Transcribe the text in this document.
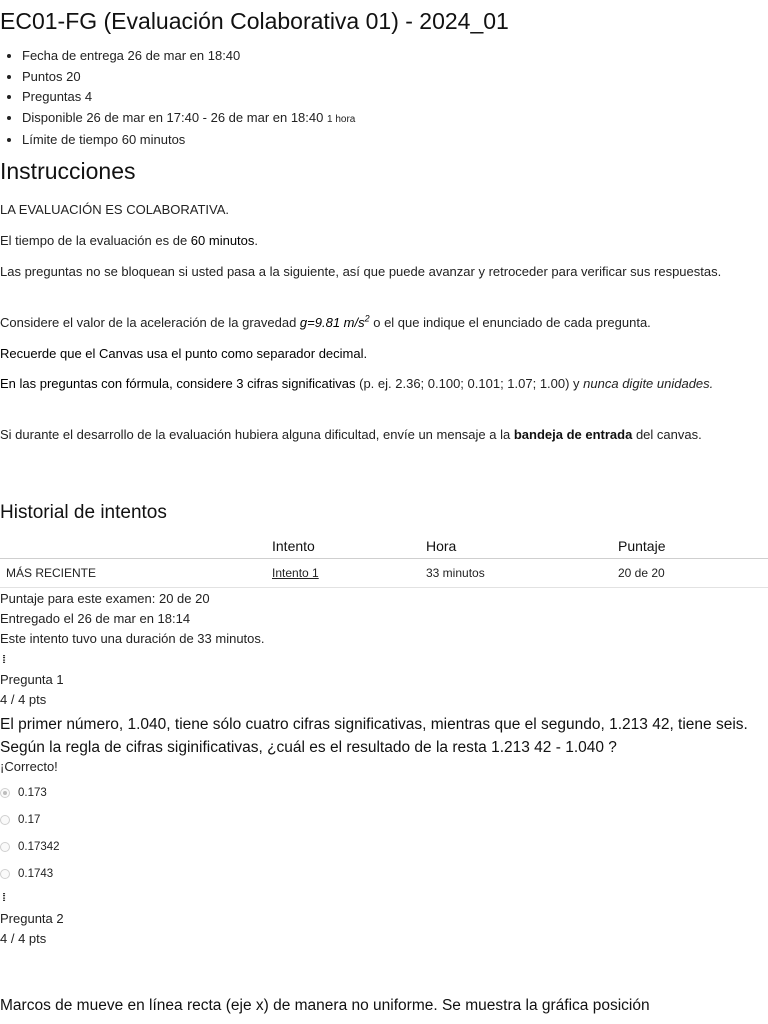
EC01-FG (Evaluación Colaborativa 01) - 2024_01
• Fecha de entrega 26 de mar en 18:40
• Puntos 20
• Preguntas 4
• Disponible 26 de mar en 17:40 - 26 de mar en 18:40 1 hora
• Límite de tiempo 60 minutos
Instrucciones

LA EVALUACIÓN ES COLABORATIVA.

El tiempo de la evaluación es de 60 minutos.

Las preguntas no se bloquean si usted pasa a la siguiente, así que puede avanzar y retroceder para verificar sus respuestas.

Considere el valor de la aceleración de la gravedad g=9.81 $m/s^2$ o el que indique el enunciado de cada pregunta.

Recuerde que el Canvas usa el punto como separador decimal.

En las preguntas con fórmula, considere 3 cifras significativas (p. ej. 2.36; 0.100; 0.101; 1.07; 1.00) y nunca digite unidades.

Si durante el desarrollo de la evaluación hubiera alguna dificultad, envíe un mensaje a la bandeja de entrada del canvas.

Historial de intentos
	Intento	Hora	Puntaje
MÁS RECIENTE	Intento 1	33 minutos	20 de 20
Puntaje para este examen: 20 de 20
Entregado el 26 de mar en 18:14
Este intento tuvo una duración de 33 minutos.
⁞⁞
Pregunta 1
4 / 4 pts

El primer número, 1.040, tiene sólo cuatro cifras significativas, mientras que el segundo, 1.213 42, tiene seis. Según la regla de cifras siginificativas, ¿cuál es el resultado de la resta 1.213 42 - 1.040 ?

¡Correcto!
0.173
0.17
0.17342
0.1743
⁞⁞
Pregunta 2
4 / 4 pts

Marcos de mueve en línea recta (eje x) de manera no uniforme. Se muestra la gráfica posición
